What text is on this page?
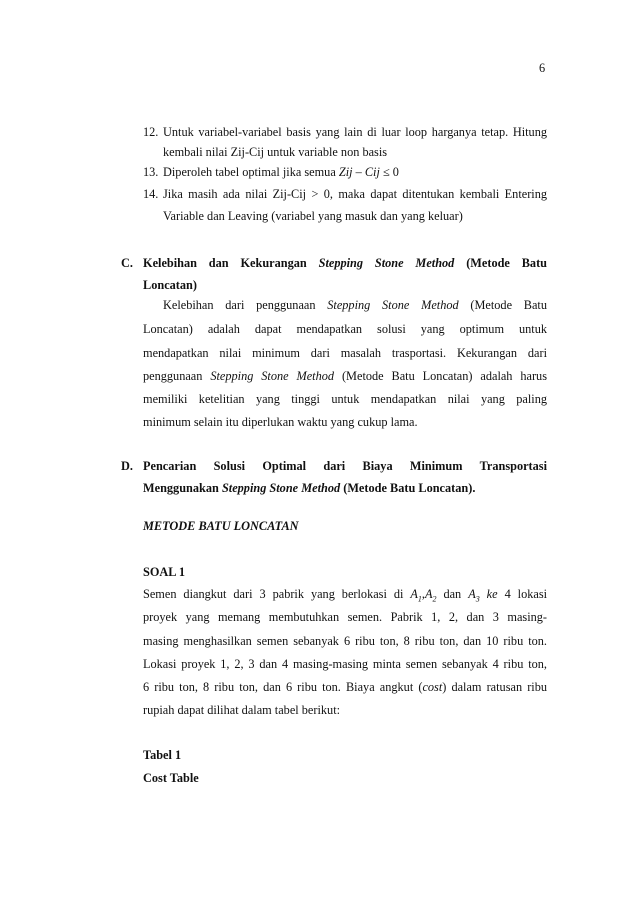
6
12. Untuk variabel-variabel basis yang lain di luar loop harganya tetap. Hitung
kembali nilai Zij-Cij untuk variable non basis
13. Diperoleh tabel optimal jika semua Zij – Cij ≤ 0
14. Jika masih ada nilai Zij-Cij > 0, maka dapat ditentukan kembali Entering
Variable dan Leaving (variabel yang masuk dan yang keluar)
C. Kelebihan dan Kekurangan Stepping Stone Method (Metode Batu
Loncatan)
Kelebihan dari penggunaan Stepping Stone Method (Metode Batu
Loncatan) adalah dapat mendapatkan solusi yang optimum untuk
mendapatkan nilai minimum dari masalah trasportasi. Kekurangan dari
penggunaan Stepping Stone Method (Metode Batu Loncatan) adalah harus
memiliki ketelitian yang tinggi untuk mendapatkan nilai yang paling
minimum selain itu diperlukan waktu yang cukup lama.
D. Pencarian Solusi Optimal dari Biaya Minimum Transportasi
Menggunakan Stepping Stone Method (Metode Batu Loncatan).
METODE BATU LONCATAN
SOAL 1
Semen diangkut dari 3 pabrik yang berlokasi di $A_1,A_2$ dan $A_3$ ke 4 lokasi
proyek yang memang membutuhkan semen. Pabrik 1, 2, dan 3 masing-
masing menghasilkan semen sebanyak 6 ribu ton, 8 ribu ton, dan 10 ribu ton.
Lokasi proyek 1, 2, 3 dan 4 masing-masing minta semen sebanyak 4 ribu ton,
6 ribu ton, 8 ribu ton, dan 6 ribu ton. Biaya angkut (cost) dalam ratusan ribu
rupiah dapat dilihat dalam tabel berikut:
Tabel 1
Cost Table
